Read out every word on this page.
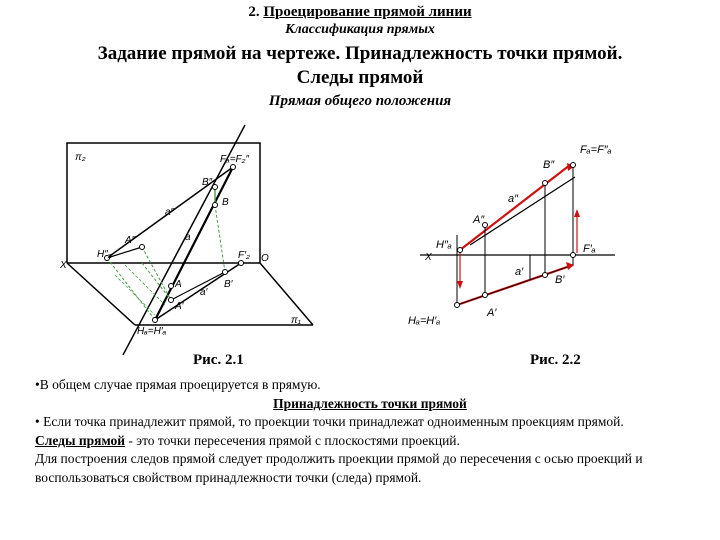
2. Проецирование прямой линии
Классификация прямых
Задание прямой на чертеже. Принадлежность точки прямой.
Следы прямой
Прямая общего положения
π₂	Fₐ=F₂″
B″
B
a″
a
A″
H″₂
X
F′₂ O
B′
A
a′
A′
Hₐ=H′ₐ
π₁
Fₐ=F″ₐ
B″
a″
A″
H″ₐ
X
F′ₐ
a′
B′
Hₐ=H′ₐ
A′
Рис. 2.1	Рис. 2.2

•В общем случае прямая проецируется в прямую.

Принадлежность точки прямой

• Если точка принадлежит прямой, то проекции точки принадлежат одноименным проекциям прямой.

Следы прямой - это точки пересечения прямой с плоскостями проекций.

Для построения следов прямой следует продолжить проекции прямой до пересечения с осью проекций и воспользоваться свойством принадлежности точки (следа) прямой.
